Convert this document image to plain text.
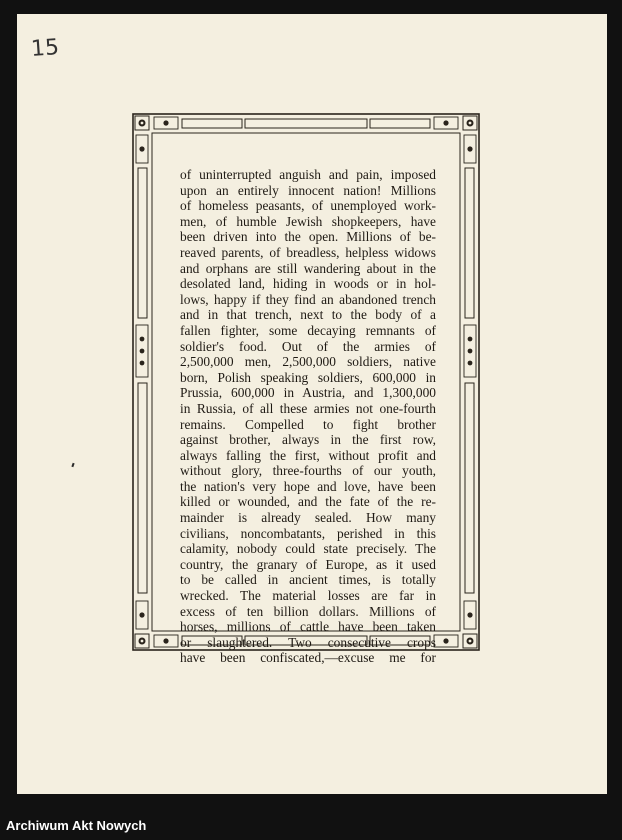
15
of uninterrupted anguish and pain, imposed
upon an entirely innocent nation! Millions
of homeless peasants, of unemployed work-
men, of humble Jewish shopkeepers, have
been driven into the open. Millions of be-
reaved parents, of breadless, helpless widows
and orphans are still wandering about in the
desolated land, hiding in woods or in hol-
lows, happy if they find an abandoned trench
and in that trench, next to the body of a
fallen fighter, some decaying remnants of
soldier's food. Out of the armies of
2,500,000 men, 2,500,000 soldiers, native
born, Polish speaking soldiers, 600,000 in
Prussia, 600,000 in Austria, and 1,300,000
in Russia, of all these armies not one-fourth
remains. Compelled to fight brother
against brother, always in the first row,
always falling the first, without profit and
without glory, three-fourths of our youth,
the nation's very hope and love, have been
killed or wounded, and the fate of the re-
mainder is already sealed. How many
civilians, noncombatants, perished in this
calamity, nobody could state precisely. The
country, the granary of Europe, as it used
to be called in ancient times, is totally
wrecked. The material losses are far in
excess of ten billion dollars. Millions of
horses, millions of cattle have been taken
or slaughtered. Two consecutive crops
have been confiscated,—excuse me for
Archiwum Akt Nowych
